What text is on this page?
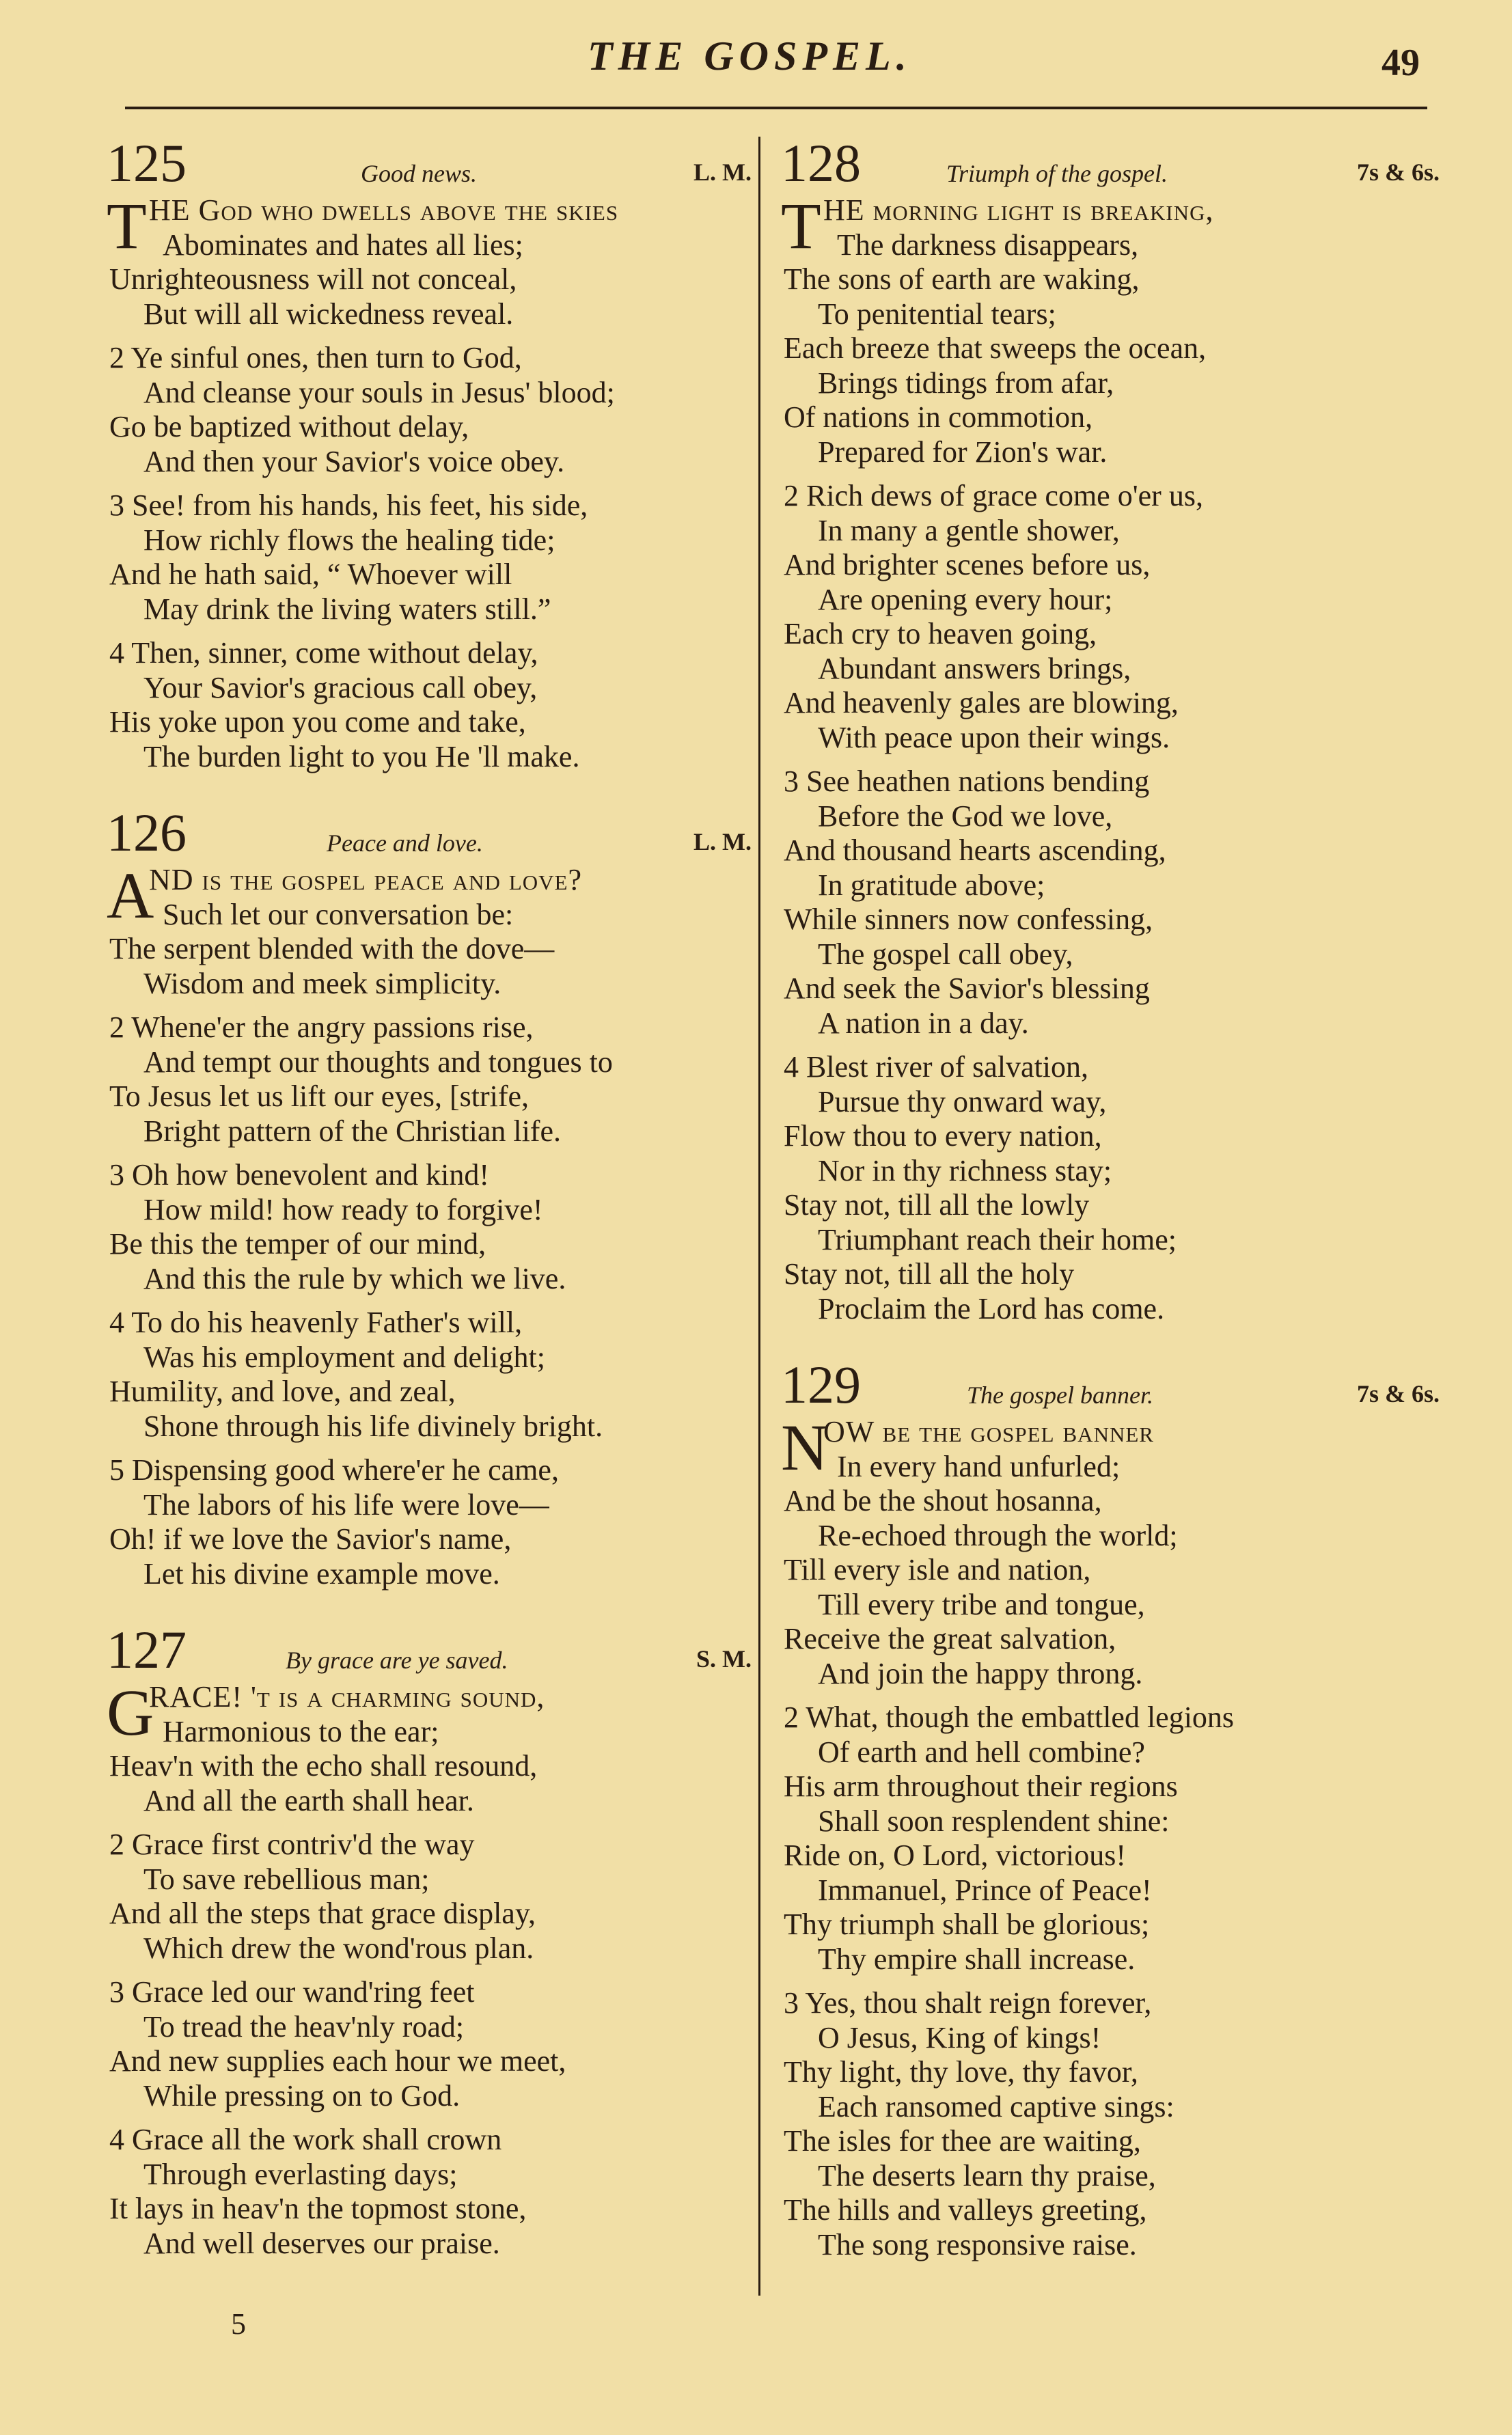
THE GOSPEL.	49
125	Good news.	L. M.
T HE God who dwells above the skies
Abominates and hates all lies;
Unrighteousness will not conceal,
But will all wickedness reveal.
2 Ye sinful ones, then turn to God,
And cleanse your souls in Jesus' blood;
Go be baptized without delay,
And then your Savior's voice obey.
3 See! from his hands, his feet, his side,
How richly flows the healing tide;
And he hath said, “ Whoever will
May drink the living waters still.”
4 Then, sinner, come without delay,
Your Savior's gracious call obey,
His yoke upon you come and take,
The burden light to you He 'll make.
126	Peace and love.	L. M.
A
ND is the gospel peace and love?
Such let our conversation be:
The serpent blended with the dove—
Wisdom and meek simplicity.
2 Whene'er the angry passions rise,
And tempt our thoughts and tongues to
To Jesus let us lift our eyes, [strife,
Bright pattern of the Christian life.
3 Oh how benevolent and kind!
How mild! how ready to forgive!
Be this the temper of our mind,
And this the rule by which we live.
4 To do his heavenly Father's will,
Was his employment and delight;
Humility, and love, and zeal,
Shone through his life divinely bright.
5 Dispensing good where'er he came,
The labors of his life were love—
Oh! if we love the Savior's name,
Let his divine example move.
127	By grace are ye saved.	S. M.
G
RACE! 't is a charming sound,
Harmonious to the ear;
Heav'n with the echo shall resound,
And all the earth shall hear.
2 Grace first contriv'd the way
To save rebellious man;
And all the steps that grace display,
Which drew the wond'rous plan.
3 Grace led our wand'ring feet
To tread the heav'nly road;
And new supplies each hour we meet,
While pressing on to God.
4 Grace all the work shall crown
Through everlasting days;
It lays in heav'n the topmost stone,
And well deserves our praise.
128	Triumph of the gospel.	7s & 6s.
T HE morning light is breaking,
The darkness disappears,
The sons of earth are waking,
To penitential tears;
Each breeze that sweeps the ocean,
Brings tidings from afar,
Of nations in commotion,
Prepared for Zion's war.
2 Rich dews of grace come o'er us,
In many a gentle shower,
And brighter scenes before us,
Are opening every hour;
Each cry to heaven going,
Abundant answers brings,
And heavenly gales are blowing,
With peace upon their wings.
3 See heathen nations bending
Before the God we love,
And thousand hearts ascending,
In gratitude above;
While sinners now confessing,
The gospel call obey,
And seek the Savior's blessing
A nation in a day.
4 Blest river of salvation,
Pursue thy onward way,
Flow thou to every nation,
Nor in thy richness stay;
Stay not, till all the lowly
Triumphant reach their home;
Stay not, till all the holy
Proclaim the Lord has come.
129	The gospel banner.	7s & 6s.
N
OW be the gospel banner
In every hand unfurled;
And be the shout hosanna,
Re-echoed through the world;
Till every isle and nation,
Till every tribe and tongue,
Receive the great salvation,
And join the happy throng.
2 What, though the embattled legions
Of earth and hell combine?
His arm throughout their regions
Shall soon resplendent shine:
Ride on, O Lord, victorious!
Immanuel, Prince of Peace!
Thy triumph shall be glorious;
Thy empire shall increase.
3 Yes, thou shalt reign forever,
O Jesus, King of kings!
Thy light, thy love, thy favor,
Each ransomed captive sings:
The isles for thee are waiting,
The deserts learn thy praise,
The hills and valleys greeting,
The song responsive raise.
5
